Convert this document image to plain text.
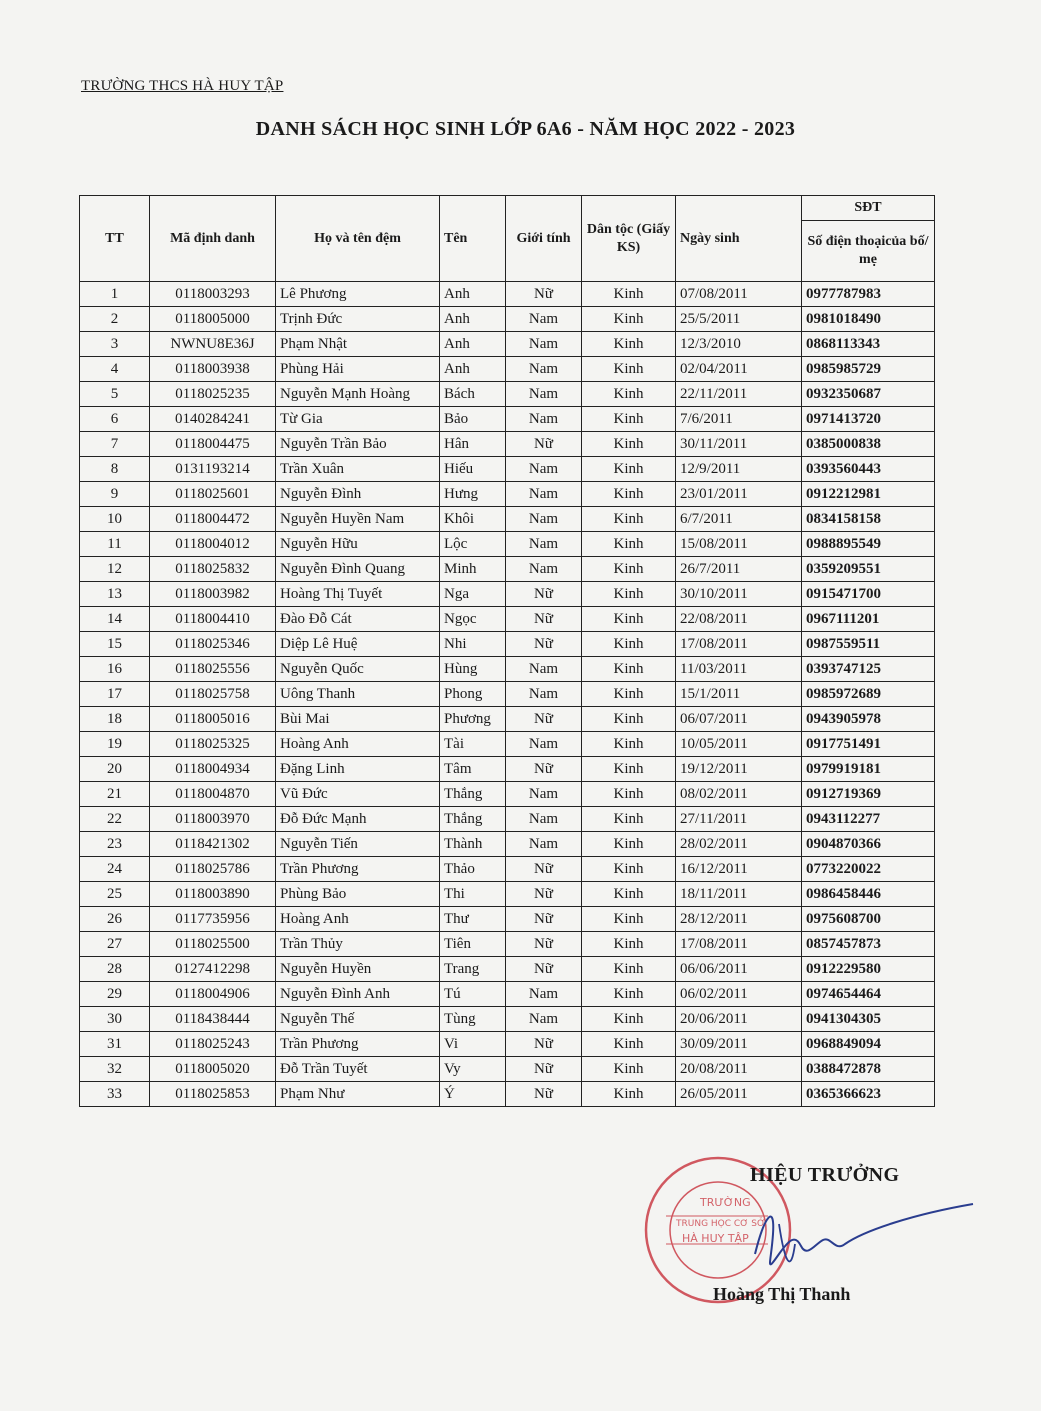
TRƯỜNG THCS HÀ HUY TẬP
DANH SÁCH HỌC SINH LỚP 6A6 - NĂM HỌC 2022 - 2023
TT	Mã định danh	Họ và tên đệm	Tên	Giới tính	Dân tộc (Giấy KS)	Ngày sinh	SĐT
							Số điện thoạicủa bố/ mẹ
1	0118003293	Lê Phương	Anh	Nữ	Kinh	07/08/2011	0977787983
2	0118005000	Trịnh Đức	Anh	Nam	Kinh	25/5/2011	0981018490
3	NWNU8E36J	Phạm Nhật	Anh	Nam	Kinh	12/3/2010	0868113343
4	0118003938	Phùng Hải	Anh	Nam	Kinh	02/04/2011	0985985729
5	0118025235	Nguyễn Mạnh Hoàng	Bách	Nam	Kinh	22/11/2011	0932350687
6	0140284241	Từ Gia	Bảo	Nam	Kinh	7/6/2011	0971413720
7	0118004475	Nguyễn Trần Bảo	Hân	Nữ	Kinh	30/11/2011	0385000838
8	0131193214	Trần Xuân	Hiếu	Nam	Kinh	12/9/2011	0393560443
9	0118025601	Nguyễn Đình	Hưng	Nam	Kinh	23/01/2011	0912212981
10	0118004472	Nguyễn Huyền Nam	Khôi	Nam	Kinh	6/7/2011	0834158158
11	0118004012	Nguyễn Hữu	Lộc	Nam	Kinh	15/08/2011	0988895549
12	0118025832	Nguyễn Đình Quang	Minh	Nam	Kinh	26/7/2011	0359209551
13	0118003982	Hoàng Thị Tuyết	Nga	Nữ	Kinh	30/10/2011	0915471700
14	0118004410	Đào Đỗ Cát	Ngọc	Nữ	Kinh	22/08/2011	0967111201
15	0118025346	Diệp Lê Huệ	Nhi	Nữ	Kinh	17/08/2011	0987559511
16	0118025556	Nguyễn Quốc	Hùng	Nam	Kinh	11/03/2011	0393747125
17	0118025758	Uông Thanh	Phong	Nam	Kinh	15/1/2011	0985972689
18	0118005016	Bùi Mai	Phương	Nữ	Kinh	06/07/2011	0943905978
19	0118025325	Hoàng Anh	Tài	Nam	Kinh	10/05/2011	0917751491
20	0118004934	Đặng Linh	Tâm	Nữ	Kinh	19/12/2011	0979919181
21	0118004870	Vũ Đức	Thắng	Nam	Kinh	08/02/2011	0912719369
22	0118003970	Đỗ Đức Mạnh	Thắng	Nam	Kinh	27/11/2011	0943112277
23	0118421302	Nguyễn Tiến	Thành	Nam	Kinh	28/02/2011	0904870366
24	0118025786	Trần Phương	Thảo	Nữ	Kinh	16/12/2011	0773220022
25	0118003890	Phùng Bảo	Thi	Nữ	Kinh	18/11/2011	0986458446
26	0117735956	Hoàng Anh	Thư	Nữ	Kinh	28/12/2011	0975608700
27	0118025500	Trần Thủy	Tiên	Nữ	Kinh	17/08/2011	0857457873
28	0127412298	Nguyễn Huyền	Trang	Nữ	Kinh	06/06/2011	0912229580
29	0118004906	Nguyễn Đình Anh	Tú	Nam	Kinh	06/02/2011	0974654464
30	0118438444	Nguyễn Thế	Tùng	Nam	Kinh	20/06/2011	0941304305
31	0118025243	Trần Phương	Vi	Nữ	Kinh	30/09/2011	0968849094
32	0118005020	Đỗ Trần Tuyết	Vy	Nữ	Kinh	20/08/2011	0388472878
33	0118025853	Phạm Như	Ý	Nữ	Kinh	26/05/2011	0365366623
TRƯỜNG
TRUNG HỌC CƠ SỞ
HÀ HUY TẬP
HIỆU TRƯỞNG
Hoàng Thị Thanh
